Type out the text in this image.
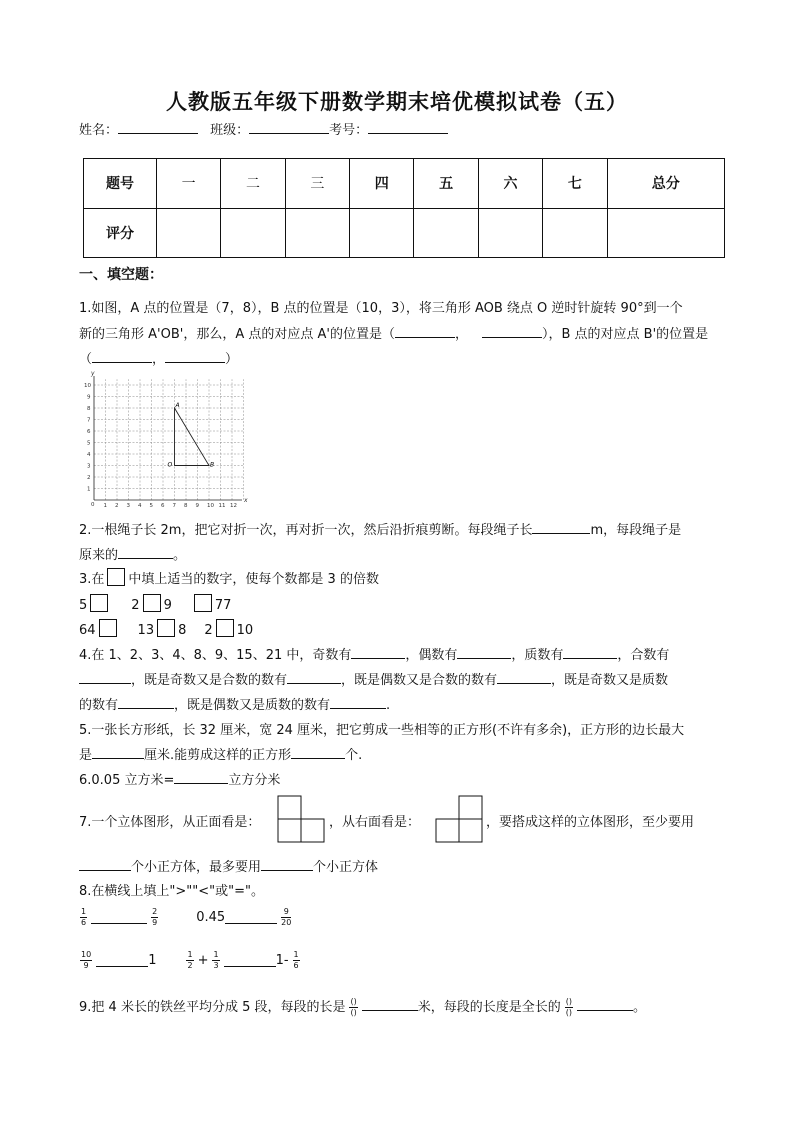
人教版五年级下册数学期末培优模拟试卷（五）
姓名：	班级：	考号：
题号	一	二	三	四	五	六	七	总分
评分								
一、填空题：
1.如图，A 点的位置是（7，8），B 点的位置是（10，3），将三角形 AOB 绕点 O 逆时针旋转 90°到一个
新的三角形 A'OB'，那么，A 点的对应点 A'的位置是（	，	），B 点的对应点 B'的位置是
（	，	）
1 2 3 4 5 6 7 8 9 10 11 12
1
2
3
4
5
6
7
8
9
10
0
x
y
A
O	B
2.一根绳子长 2m，把它对折一次，再对折一次，然后沿折痕剪断。每段绳子长	m，每段绳子是
原来的	。
3.在 中填上适当的数字，使每个数都是 3 的倍数
5	2 9	77
64	13 8 2 10
4.在 1、2、3、4、8、9、15、21 中，奇数有	，偶数有	，质数有	，合数有
，既是奇数又是合数的数有	，既是偶数又是合数的数有	，既是奇数又是质数
的数有	，既是偶数又是质数的数有	.
5.一张长方形纸，长 32 厘米，宽 24 厘米，把它剪成一些相等的正方形(不许有多余)，正方形的边长最大
是	厘米.能剪成这样的正方形	个.
6.0.05 立方米=	立方分米
7.一个立体图形，从正面看是：	，从右面看是：	，要搭成这样的立体图形，至少要用
个小正方体，最多要用	个小正方体
8.在横线上填上">""<"或"="。
$\frac{1}{6}$	$\frac{2}{9}$	0.45	$\frac{9}{20}$
$\frac{10}{9}$	1	$\frac{1}{2} + \frac{1}{3}$	$1- \frac{1}{6}$
9.把 4 米长的铁丝平均分成 5 段，每段的长是 $\frac{()}{()}$	米，每段的长度是全长的 $\frac{()}{()}$	。
